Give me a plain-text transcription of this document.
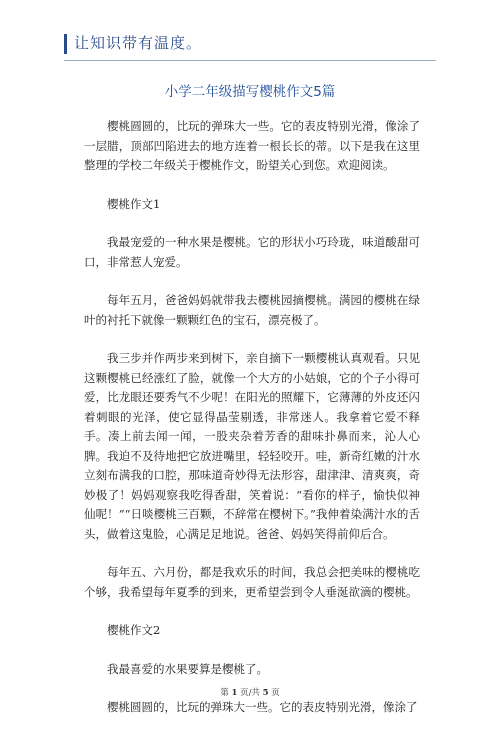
让知识带有温度。
小学二年级描写樱桃作文5篇

樱桃圆圆的，比玩的弹珠大一些。它的表皮特别光滑，像涂了一层腊，顶部凹陷进去的地方连着一根长长的蒂。以下是我在这里整理的学校二年级关于樱桃作文，盼望关心到您。欢迎阅读。

樱桃作文1

我最宠爱的一种水果是樱桃。它的形状小巧玲珑，味道酸甜可口，非常惹人宠爱。

每年五月，爸爸妈妈就带我去樱桃园摘樱桃。满园的樱桃在绿叶的衬托下就像一颗颗红色的宝石，漂亮极了。

我三步并作两步来到树下，亲自摘下一颗樱桃认真观看。只见这颗樱桃已经涨红了脸，就像一个大方的小姑娘，它的个子小得可爱，比龙眼还要秀气不少呢！在阳光的照耀下，它薄薄的外皮还闪着刺眼的光泽，使它显得晶莹剔透，非常迷人。我拿着它爱不释手。凑上前去闻一闻，一股夹杂着芳香的甜味扑鼻而来，沁人心脾。我迫不及待地把它放进嘴里，轻轻咬开。哇，新奇红嫩的汁水立刻布满我的口腔，那味道奇妙得无法形容，甜津津、清爽爽，奇妙极了！妈妈观察我吃得香甜，笑着说：“看你的样子，愉快似神仙呢！”“日啖樱桃三百颗，不辞常在樱树下。”我伸着染满汁水的舌头，做着这鬼脸，心满足足地说。爸爸、妈妈笑得前仰后合。

每年五、六月份，都是我欢乐的时间，我总会把美味的樱桃吃个够，我希望每年夏季的到来，更希望尝到令人垂涎欲滴的樱桃。

樱桃作文2

我最喜爱的水果要算是樱桃了。

樱桃圆圆的，比玩的弹珠大一些。它的表皮特别光滑，像涂了

第 1 页/共 5 页
